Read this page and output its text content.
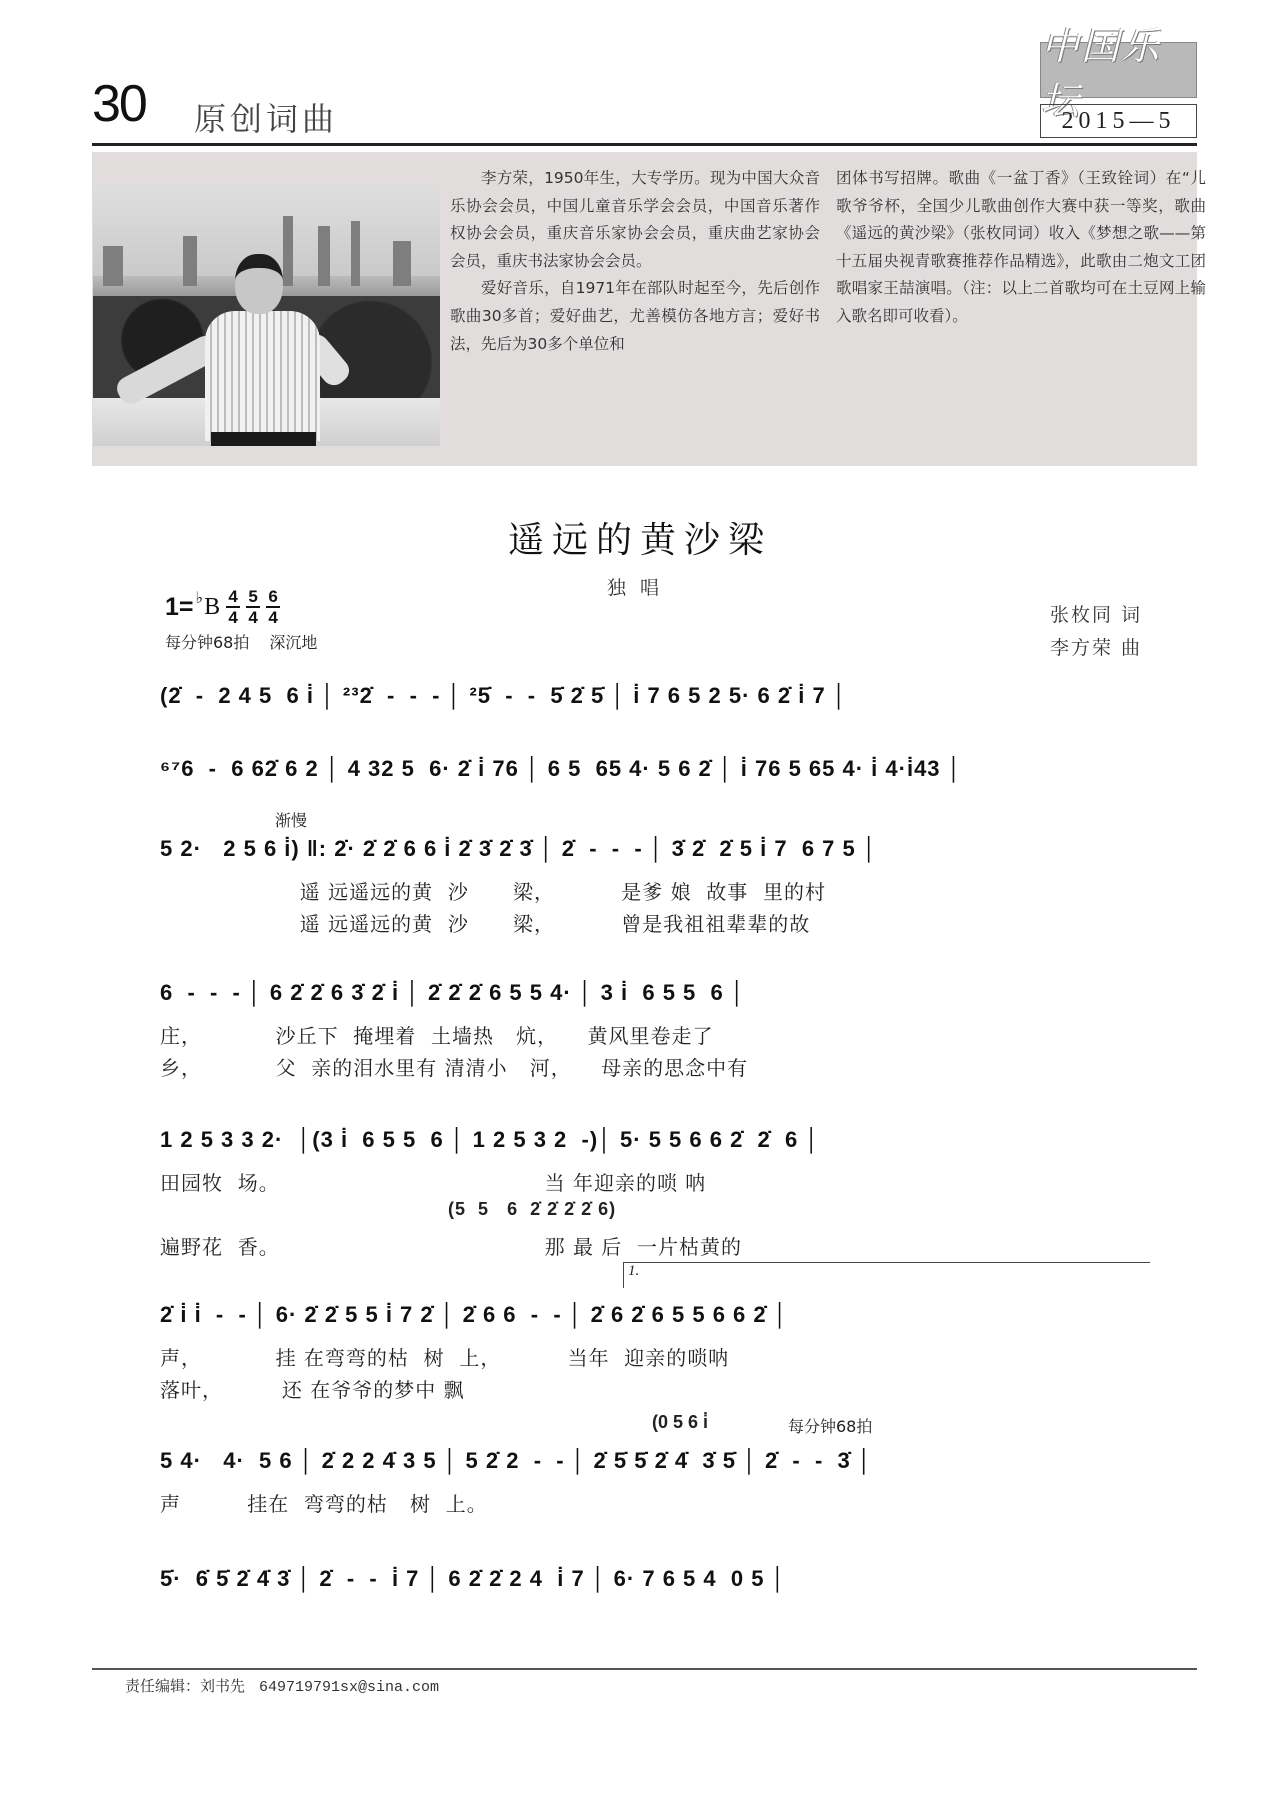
30 原创词曲
中国乐坛
2015—5

李方荣，1950年生，大专学历。现为中国大众音乐协会会员，中国儿童音乐学会会员，中国音乐著作权协会会员，重庆音乐家协会会员，重庆曲艺家协会会员，重庆书法家协会会员。

爱好音乐，自1971年在部队时起至今，先后创作歌曲30多首；爱好曲艺，尤善模仿各地方言；爱好书法，先后为30多个单位和

团体书写招牌。歌曲《一盆丁香》（王致铨词）在“儿歌爷爷杯，全国少儿歌曲创作大赛中获一等奖，歌曲《遥远的黄沙梁》（张枚同词）收入《梦想之歌——第十五届央视青歌赛推荐作品精选》，此歌由二炮文工团歌唱家王喆演唱。（注：以上二首歌均可在土豆网上输入歌名即可收看）。

遥远的黄沙梁
独唱
1= ♭ B $\frac{4}{4} \frac{5}{4} \frac{6}{4}$
每分钟68拍 深沉地
张枚同 词
李方荣 曲
(2̇  -  2 4 5  6 i̇ │ ²³2̇  -  -  - │ ²5̇  -  -  5̇ 2̇ 5̇ │ i̇ 7 6 5 2 5· 6 2̇ i̇ 7 │
⁶⁷6  -  6 62̇ 6 2 │ 4 32 5  6· 2̇ i̇ 76 │ 6 5  65 4· 5 6 2̇ │ i̇ 76 5 65 4· i̇ 4·i̇43 │
渐慢
5 2·   2 5 6 i̇) ‖: 2̇· 2̇ 2̇ 6 6 i̇ 2̇ 3̇ 2̇ 3̇ │ 2̇  -  -  - │ 3̇ 2̇  2̇ 5 i̇ 7  6 7 5 │
遥 远遥远的黄  沙      梁，         是爹 娘  故事  里的村
遥 远遥远的黄  沙      梁，         曾是我祖祖辈辈的故
6  -  -  - │ 6 2̇ 2̇ 6 3̇ 2̇ i̇ │ 2̇ 2̇ 2̇ 6 5 5 4· │ 3 i̇  6 5 5  6 │
庄，          沙丘下  掩埋着  土墙热   炕，    黄风里卷走了
乡，          父  亲的泪水里有 清清小   河，    母亲的思念中有
1 2 5 3 3 2·  │(3 i̇  6 5 5  6 │ 1 2 5 3 2  -)│ 5· 5 5 6 6 2̇  2̇  6 │
田园牧  场。                                    当 年迎亲的唢 呐
(5  5   6  2̇ 2̇ 2̇ 2̇ 6)
遍野花  香。                                    那 最 后  一片枯黄的
1.
2̇ i̇ i̇  -  - │ 6· 2̇ 2̇ 5 5 i̇ 7 2̇ │ 2̇ 6 6  -  - │ 2̇ 6 2̇ 6 5 5 6 6 2̇ │
声，          挂 在弯弯的枯  树  上，         当年  迎亲的唢呐
落叶，        还 在爷爷的梦中 飘
(0 5 6 i̇	每分钟68拍
5 4·   4·  5 6 │ 2̇ 2 2 4̇ 3 5 │ 5 2̇ 2  -  - │ 2̇ 5̇ 5̇ 2̇ 4̇  3̇ 5̇ │ 2̇  -  -  3̇ │
声         挂在  弯弯的枯   树  上。
5̇·  6̇ 5̇ 2̇ 4̇ 3̇ │ 2̇  -  -  i̇ 7 │ 6 2̇ 2̇ 2 4  i̇ 7 │ 6· 7 6 5 4  0 5 │
责任编辑：刘书先 649719791sx@sina.com
